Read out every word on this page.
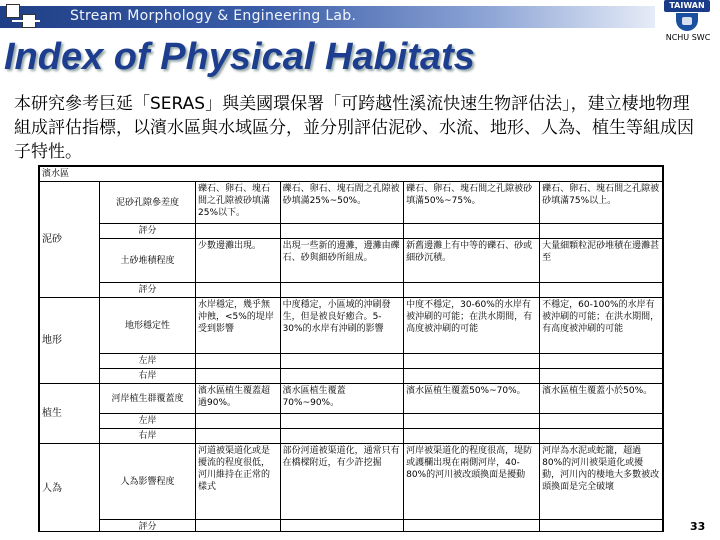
Stream Morphology & Engineering Lab.
TAIWAN
NCHU SWC
Index of Physical Habitats
本研究參考巨延「SERAS」與美國環保署「可跨越性溪流快速生物評估法」，建立棲地物理組成評估指標，以濱水區與水域區分，並分別評估泥砂、水流、地形、人為、植生等組成因子特性。
濱水區					
泥砂	泥砂孔隙參差度	礫石、卵石、塊石間之孔隙被砂填滿25%以下。	礫石、卵石、塊石間之孔隙被砂填滿25%~50%。	礫石、卵石、塊石間之孔隙被砂填滿50%~75%。	礫石、卵石、塊石間之孔隙被砂填滿75%以上。
	評分				
	土砂堆積程度	少數邊灘出現。	出現一些新的邊灘，邊灘由礫石、砂與細砂所組成。	新舊邊灘上有中等的礫石、砂或細砂沉積。	大量細顆粒泥砂堆積在邊灘甚至
	評分				
地形	地形穩定性	水岸穩定，幾乎無沖蝕，<5%的堤岸受到影響	中度穩定，小區域的沖刷發生，但是被良好癒合。5-30%的水岸有沖刷的影響	中度不穩定，30-60%的水岸有被沖刷的可能；在洪水期間，有高度被沖刷的可能	不穩定，60-100%的水岸有被沖刷的可能；在洪水期間，有高度被沖刷的可能
	左岸				
	右岸				
植生	河岸植生群覆蓋度	濱水區植生覆蓋超過90%。	濱水區植生覆蓋70%~90%。	濱水區植生覆蓋50%~70%。	濱水區植生覆蓋小於50%。
	左岸				
	右岸				
人為	人為影響程度	河道被渠道化或是擾流的程度很低，河川維持在正常的樣式	部份河道被渠道化，通常只有在橋樑附近，有少許挖掘	河岸被渠道化的程度很高，堤防或護欄出現在兩側河岸，40-80%的河川被改頭換面是擾動	河岸為水泥或蛇籠，超過80%的河川被渠道化或擾動，河川內的棲地大多數被改頭換面是完全破壞
	評分					33
